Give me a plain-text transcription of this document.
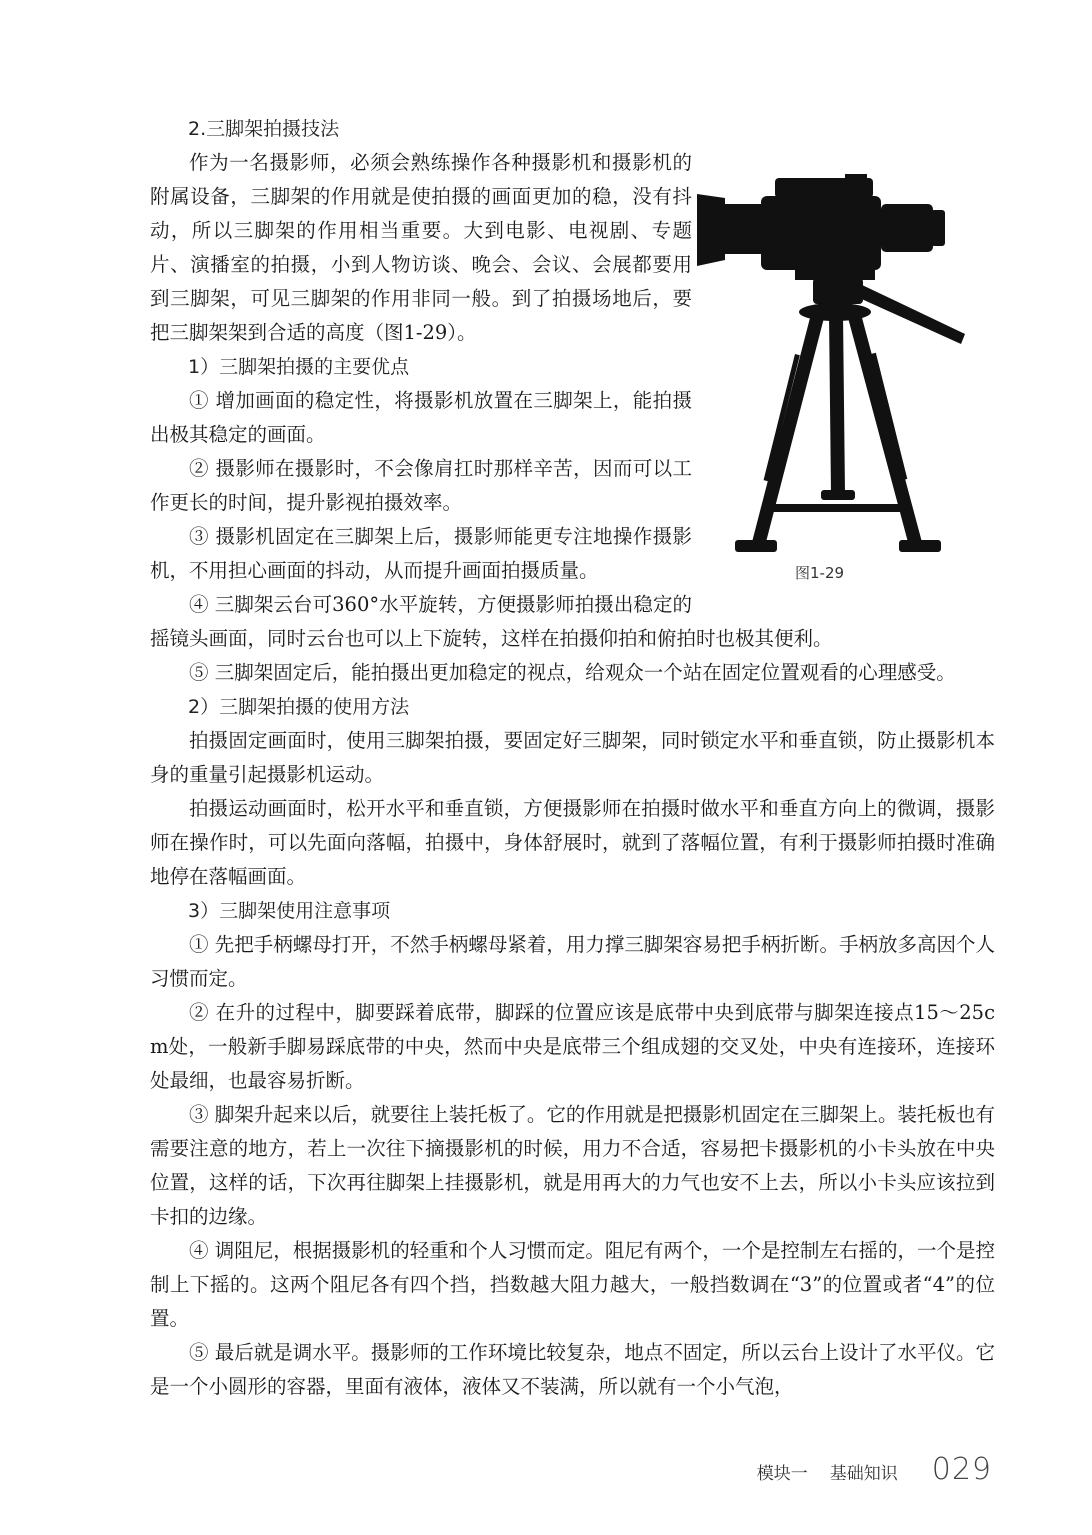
2.三脚架拍摄技法

图1-29

作为一名摄影师，必须会熟练操作各种摄影机和摄影机的附属设备，三脚架的作用就是使拍摄的画面更加的稳，没有抖动，所以三脚架的作用相当重要。大到电影、电视剧、专题片、演播室的拍摄，小到人物访谈、晚会、会议、会展都要用到三脚架，可见三脚架的作用非同一般。到了拍摄场地后，要把三脚架架到合适的高度（图1-29）。

1）三脚架拍摄的主要优点

① 增加画面的稳定性，将摄影机放置在三脚架上，能拍摄出极其稳定的画面。

② 摄影师在摄影时，不会像肩扛时那样辛苦，因而可以工作更长的时间，提升影视拍摄效率。

③ 摄影机固定在三脚架上后，摄影师能更专注地操作摄影机，不用担心画面的抖动，从而提升画面拍摄质量。

④ 三脚架云台可360°水平旋转，方便摄影师拍摄出稳定的摇镜头画面，同时云台也可以上下旋转，这样在拍摄仰拍和俯拍时也极其便利。

⑤ 三脚架固定后，能拍摄出更加稳定的视点，给观众一个站在固定位置观看的心理感受。

2）三脚架拍摄的使用方法

拍摄固定画面时，使用三脚架拍摄，要固定好三脚架，同时锁定水平和垂直锁，防止摄影机本身的重量引起摄影机运动。

拍摄运动画面时，松开水平和垂直锁，方便摄影师在拍摄时做水平和垂直方向上的微调，摄影师在操作时，可以先面向落幅，拍摄中，身体舒展时，就到了落幅位置，有利于摄影师拍摄时准确地停在落幅画面。

3）三脚架使用注意事项

① 先把手柄螺母打开，不然手柄螺母紧着，用力撑三脚架容易把手柄折断。手柄放多高因个人习惯而定。

② 在升的过程中，脚要踩着底带，脚踩的位置应该是底带中央到底带与脚架连接点15～25cm处，一般新手脚易踩底带的中央，然而中央是底带三个组成翅的交叉处，中央有连接环，连接环处最细，也最容易折断。

③ 脚架升起来以后，就要往上装托板了。它的作用就是把摄影机固定在三脚架上。装托板也有需要注意的地方，若上一次往下摘摄影机的时候，用力不合适，容易把卡摄影机的小卡头放在中央位置，这样的话，下次再往脚架上挂摄影机，就是用再大的力气也安不上去，所以小卡头应该拉到卡扣的边缘。

④ 调阻尼，根据摄影机的轻重和个人习惯而定。阻尼有两个，一个是控制左右摇的，一个是控制上下摇的。这两个阻尼各有四个挡，挡数越大阻力越大，一般挡数调在“3”的位置或者“4”的位置。

⑤ 最后就是调水平。摄影师的工作环境比较复杂，地点不固定，所以云台上设计了水平仪。它是一个小圆形的容器，里面有液体，液体又不装满，所以就有一个小气泡，

模块一 基础知识 029
